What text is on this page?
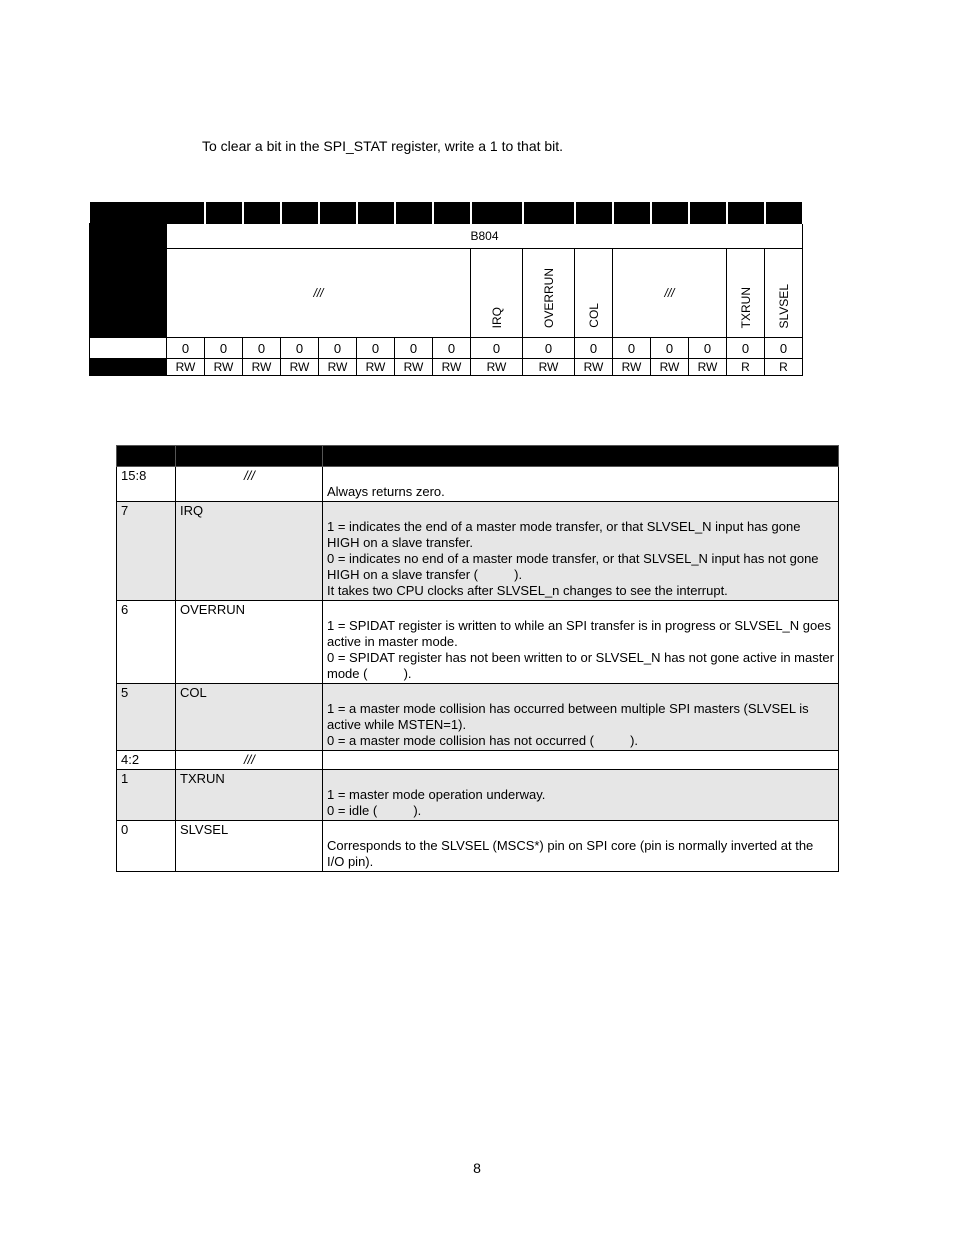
To clear a bit in the SPI_STAT register, write a 1 to that bit.

	B804															
	///								IRQ	OVERRUN	COL	///			TXRUN	SLVSEL
	0	0	0	0	0	0	0	0	0	0	0	0	0	0	0	0
	RW	RW	RW	RW	RW	RW	RW	RW	RW	RW	RW	RW	RW	RW	R	R

15:8	///	Always returns zero.

7	IRQ	1 = indicates the end of a master mode transfer, or that SLVSEL_N input has gone HIGH on a slave transfer.
0 = indicates no end of a master mode transfer, or that SLVSEL_N input has not gone HIGH on a slave transfer (          ).
It takes two CPU clocks after SLVSEL_n changes to see the interrupt.

6	OVERRUN	1 = SPIDAT register is written to while an SPI transfer is in progress or SLVSEL_N goes active in master mode.
0 = SPIDAT register has not been written to or SLVSEL_N has not gone active in master mode (          ).

5	COL	1 = a master mode collision has occurred between multiple SPI masters (SLVSEL is active while MSTEN=1).
0 = a master mode collision has not occurred (          ).

4:2	///	
1	TXRUN	1 = master mode operation underway.
0 = idle (          ).

0	SLVSEL	Corresponds to the SLVSEL (MSCS*) pin on SPI core (pin is normally inverted at the I/O pin).
8
